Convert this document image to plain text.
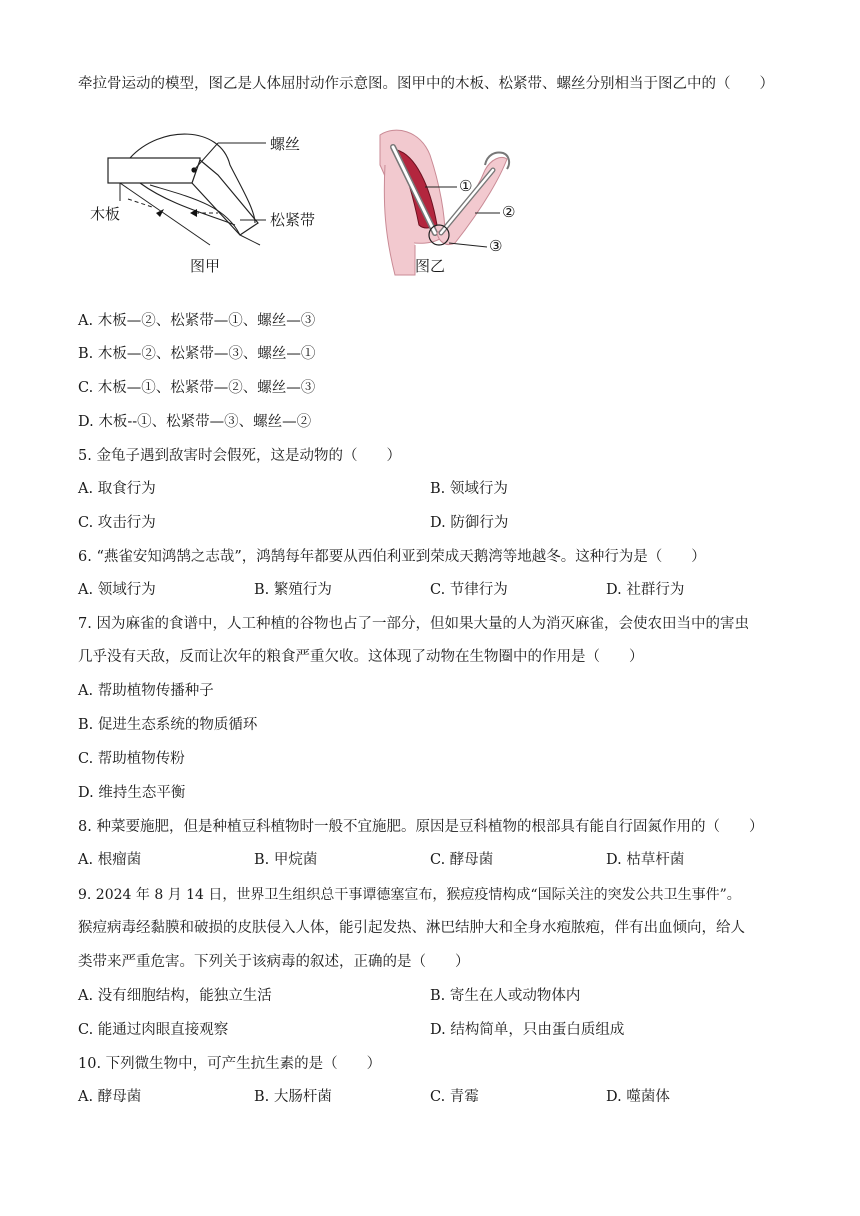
牵拉骨运动的模型，图乙是人体屈肘动作示意图。图甲中的木板、松紧带、螺丝分别相当于图乙中的（　　）
螺丝
木板	松紧带
图甲
①
②
③
图乙
A. 木板—②、松紧带—①、螺丝—③
B. 木板—②、松紧带—③、螺丝—①
C. 木板—①、松紧带—②、螺丝—③
D. 木板--①、松紧带—③、螺丝—②
5. 金龟子遇到敌害时会假死，这是动物的（　　）
A. 取食行为	B. 领域行为
C. 攻击行为	D. 防御行为
6. “燕雀安知鸿鹄之志哉”，鸿鹄每年都要从西伯利亚到荣成天鹅湾等地越冬。这种行为是（　　）
A. 领域行为	B. 繁殖行为	C. 节律行为	D. 社群行为
7. 因为麻雀的食谱中，人工种植的谷物也占了一部分，但如果大量的人为消灭麻雀，会使农田当中的害虫
几乎没有天敌，反而让次年的粮食严重欠收。这体现了动物在生物圈中的作用是（　　）
A. 帮助植物传播种子
B. 促进生态系统的物质循环
C. 帮助植物传粉
D. 维持生态平衡
8. 种菜要施肥，但是种植豆科植物时一般不宜施肥。原因是豆科植物的根部具有能自行固氮作用的（　　）
A. 根瘤菌	B. 甲烷菌	C. 酵母菌	D. 枯草杆菌
9. 2024 年 8 月 14 日，世界卫生组织总干事谭德塞宣布，猴痘疫情构成“国际关注的突发公共卫生事件”。
猴痘病毒经黏膜和破损的皮肤侵入人体，能引起发热、淋巴结肿大和全身水疱脓疱，伴有出血倾向，给人
类带来严重危害。下列关于该病毒的叙述，正确的是（　　）
A. 没有细胞结构，能独立生活	B. 寄生在人或动物体内
C. 能通过肉眼直接观察	D. 结构简单，只由蛋白质组成
10. 下列微生物中，可产生抗生素的是（　　）
A. 酵母菌	B. 大肠杆菌	C. 青霉	D. 噬菌体
